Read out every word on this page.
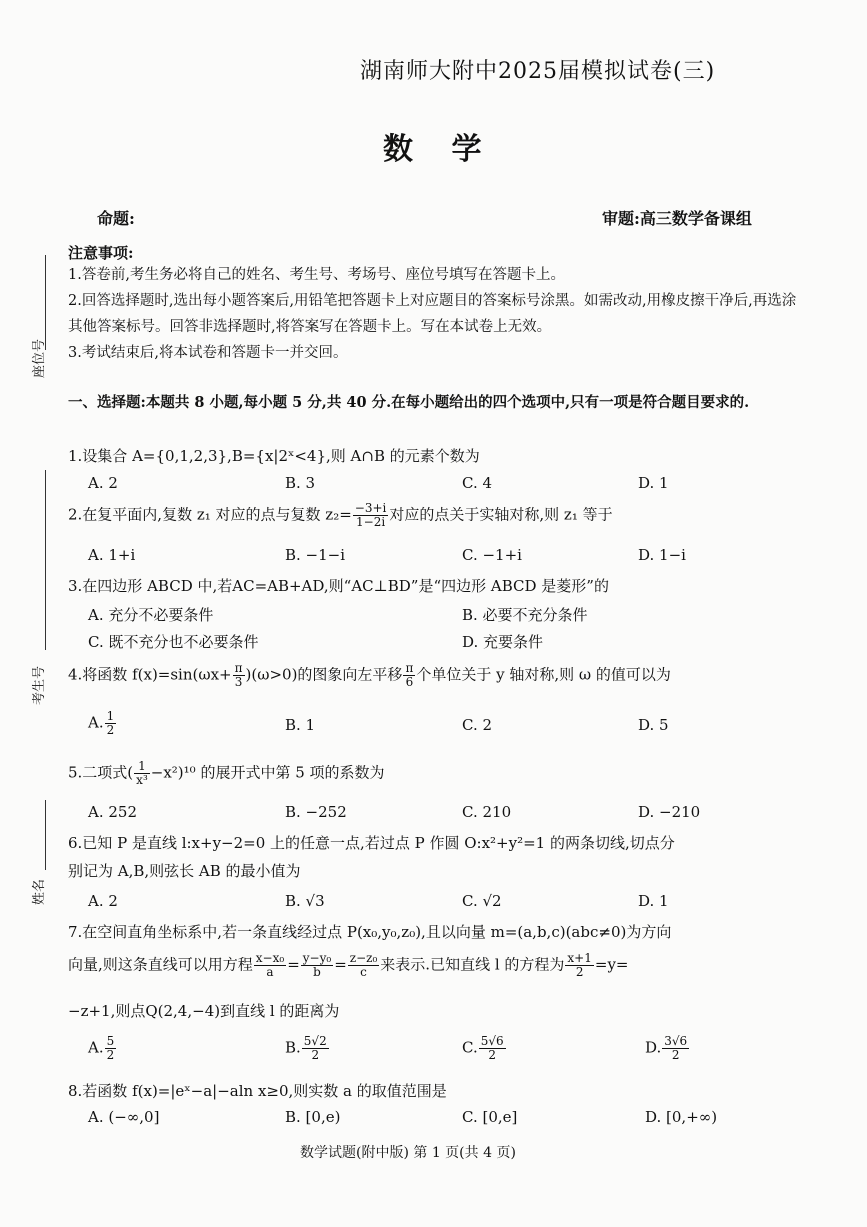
座位号
考生号
姓名
湖南师大附中2025届模拟试卷(三)
数 学
命题:	审题:高三数学备课组
注意事项:
1.答卷前,考生务必将自己的姓名、考生号、考场号、座位号填写在答题卡上。
2.回答选择题时,选出每小题答案后,用铅笔把答题卡上对应题目的答案标号涂黑。如需改动,用橡皮擦干净后,再选涂其他答案标号。回答非选择题时,将答案写在答题卡上。写在本试卷上无效。
3.考试结束后,将本试卷和答题卡一并交回。
一、选择题:本题共 8 小题,每小题 5 分,共 40 分.在每小题给出的四个选项中,只有一项是符合题目要求的.
1.设集合 A={0,1,2,3},B={x|2ˣ<4},则 A∩B 的元素个数为
A. 2	B. 3	C. 4	D. 1
2.在复平面内,复数 z₁ 对应的点与复数 $z_2= \frac{-3+i}{1-2i}$ 对应的点关于实轴对称,则 z₁ 等于
A. 1+i	B. −1−i	C. −1+i	D. 1−i
3.在四边形 ABCD 中,若AC=AB+AD,则“AC⊥BD”是“四边形 ABCD 是菱形”的
A. 充分不必要条件	B. 必要不充分条件
C. 既不充分也不必要条件	D. 充要条件
4.将函数 $f(x)=\sin(\omega x+ \frac{\pi}{3} )(\omega>0)$的图象向左平移 $\frac{\pi}{6}$ 个单位关于 y 轴对称,则 ω 的值可以为
A. $\frac{1}{2}$	B. 1	C. 2	D. 5
5.二项式( $\frac{1}{\text{x³}} -x^2)^{10}$ 的展开式中第 5 项的系数为
A. 252	B. −252	C. 210	D. −210
6.已知 P 是直线 l:x+y−2=0 上的任意一点,若过点 P 作圆 O:x²+y²=1 的两条切线,切点分
别记为 A,B,则弦长 AB 的最小值为
A. 2	B. √3	C. √2	D. 1
7.在空间直角坐标系中,若一条直线经过点 P(x₀,y₀,z₀),且以向量 m=(a,b,c)(abc≠0)为方向
向量,则这条直线可以用方程 $\frac{\text{x−x₀}}{a} = \frac{\text{y−y₀}}{b} = \frac{\text{z−z₀}}{c}$ 来表示.已知直线 l 的方程为 $\frac{x+1}{2} =y=$
−z+1,则点Q(2,4,−4)到直线 l 的距离为
A. $\frac{5}{2}$	B. $\frac{5√2}{2}$	C. $\frac{5√6}{2}$	D. $\frac{3√6}{2}$
8.若函数 f(x)=|eˣ−a|−aln x≥0,则实数 a 的取值范围是
A. (−∞,0]	B. [0,e)	C. [0,e]	D. [0,+∞)
数学试题(附中版) 第 1 页(共 4 页)
